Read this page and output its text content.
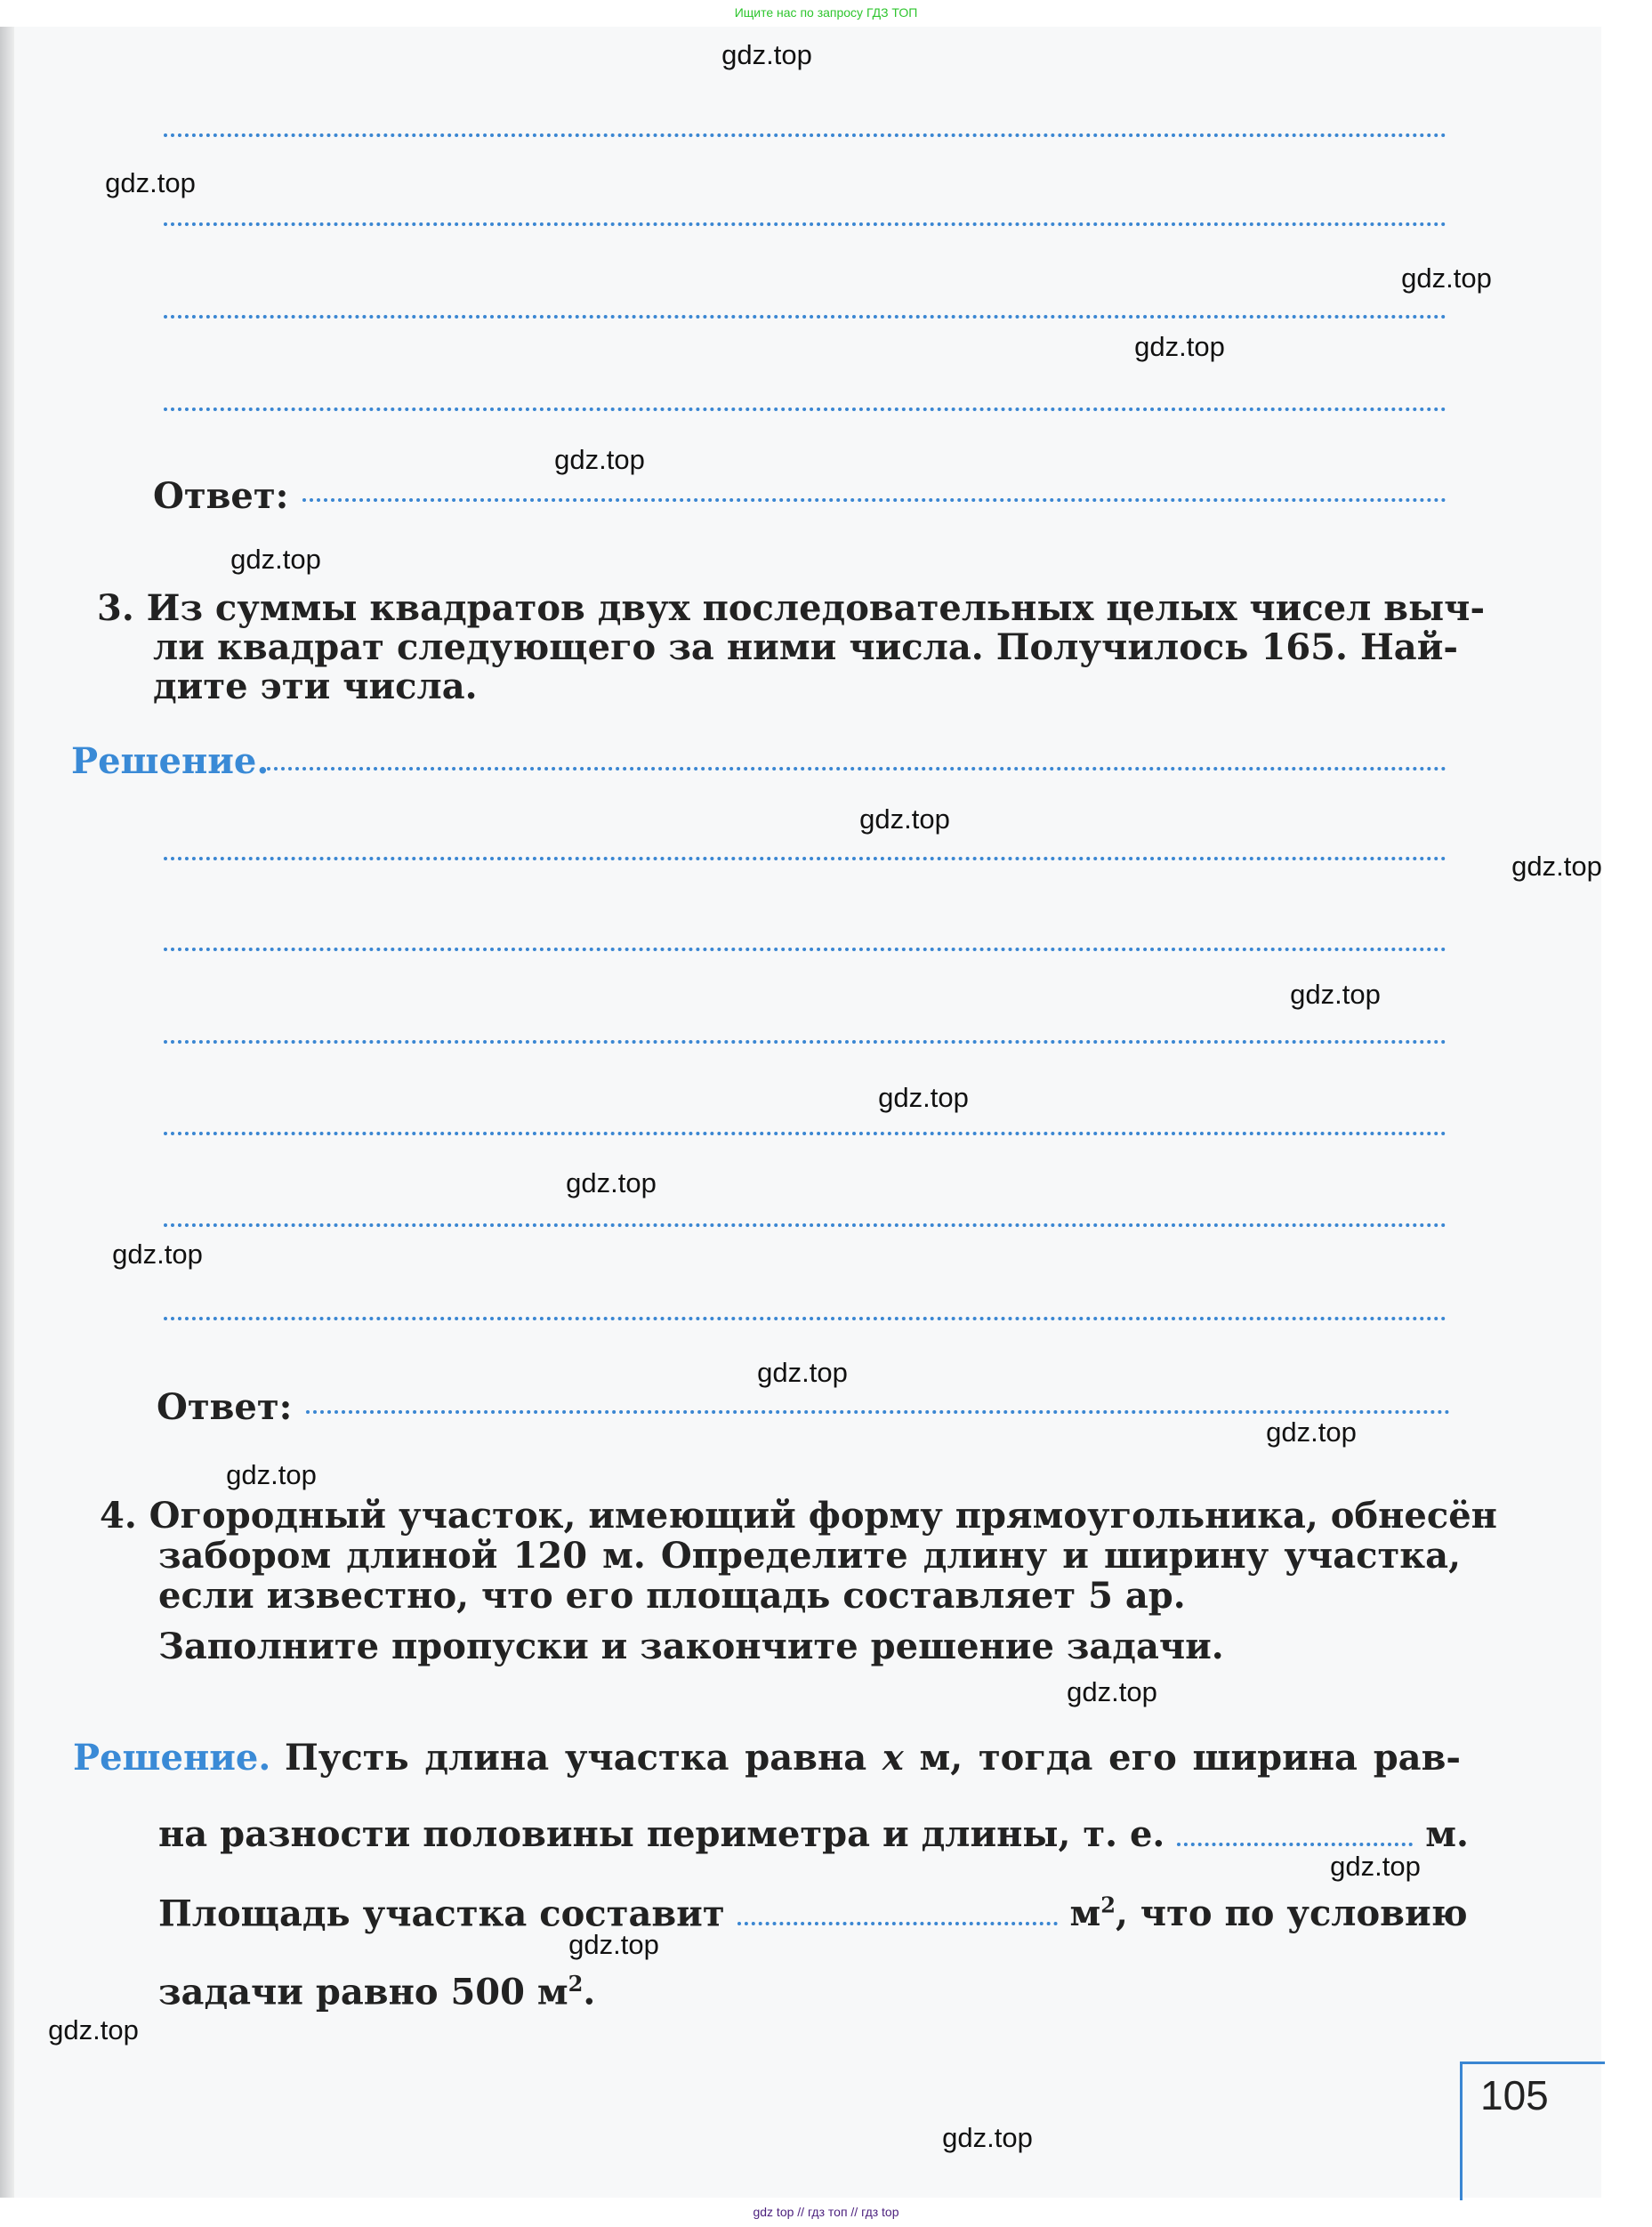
Ищите нас по запросу ГДЗ ТОП
Ответ:
3. Из суммы квадратов двух последовательных целых чисел выч-
ли квадрат следующего за ними числа. Получилось 165. Най-
дите эти числа.
Решение.
Ответ:
4. Огородный участок, имеющий форму прямоугольника, обнесён
забором длиной 120 м. Определите длину и ширину участка,
если известно, что его площадь составляет 5 ар.
Заполните пропуски и закончите решение задачи.
Решение. Пусть длина участка равна x м, тогда его ширина рав-
на разности половины периметра и длины, т. е.	м.
Площадь участка составит	$м^2$, что по условию
задачи равно 500 $м^2$.
105
gdz.top
gdz.top
gdz.top
gdz.top
gdz.top
gdz.top
gdz.top
gdz.top
gdz.top
gdz.top
gdz.top
gdz.top
gdz.top
gdz.top
gdz.top
gdz.top
gdz.top
gdz.top
gdz.top
gdz.top
gdz top // гдз топ // гдз top
